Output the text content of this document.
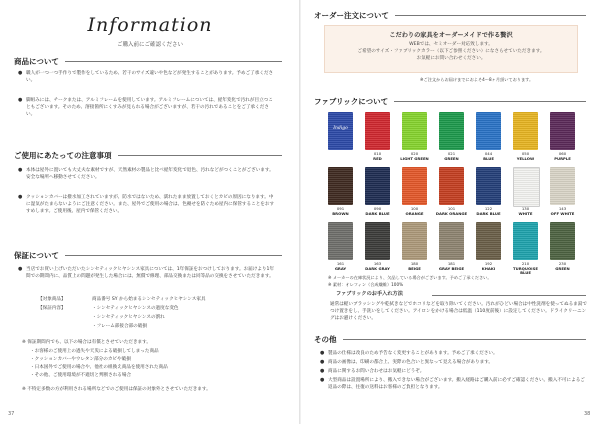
Information
ご購入前にご確認ください
商品について
● 職人が一つ一つ手作りで製作をしているため、若干のサイズ違いや色などが発生することがあります。予めご了承ください。
● 脚組みには、チークまたは、アルミフレームを使用しています。アルミフレームについては、経年変化で汚れが目立つこともございます。そのため、溶接箇所にくすみが見られる場合がございますが、若干の汚れであることをご了承ください。
ご使用にあたっての注意事項
● 本体は屋外に置いても大丈夫な素材ですが、天然素材の製品と比べ経年変化で退色、汚れなどがつくことがございます。安全な場所へ移動させてください。
● クッションカバーは撥水加工されていますが、防水ではないため、濡れたまま放置しておくとカビの原因になります。中に湿気がたまらないようにご注意ください。また、屋外でご使用の場合は、色褪せを防ぐため屋内に保管することをおすすめします。ご使用後、屋内で保管ください。
保証について
● 当店でお買い上げいただいたシンセティックヒヤシンス家具については、1年保証をおつけしております。お届けより1年間での期間内に、品質上の問題が発生した場合には、無償で修理、部品交換または同等品の交換をさせていただきます。
【対象商品】	商品番号 SY から始まるシンセティックヒヤシンス家具
【保証内容】	・シンセティックヒヤシンスの過度な変色
・シンセティックヒヤシンスの割れ
・フレーム部接合部の破損
※ 保証期間内でも、以下の場合は有償とさせていただきます。
・お客様のご使用上の過失や天災による破損してしまった商品
・クッションカバーやウレタン部分のカビや破損
・日本国外でご使用の場合や、他社の組換え商品を使用された商品
・その他、ご使用環境が不適切と判断される場合
※ 不特定多数の方が利用される場所などでのご使用は保証の対象外とさせていただきます。
37
オーダー注文について
こだわりの家具をオーダーメイドで作る贅沢
WEBでは、セミオーダー対応致します。
ご希望のサイズ・ファブリックカラー（以下ご参照ください）になさらせていただきます。
お気軽にお問い合わせください。
※ご注文からお届けまでにおよそ4〜8ヶ月頂いております。
ファブリックについて
※ メーカーの在庫状況により、欠品している場合がございます。予めご了承ください。
※ 素材：オレフィン（合成繊維）100%
ファブリックのお手入れ方法
通常は軽いブラッシングや乾拭きなどでホコリなどを取り除いてください。汚れがひどい場合は中性洗剤を使ってぬるま湯でつけ置きをし、手洗いをしてください。アイロンをかける場合は低温（110度前後）に設定してください。ドライクリーニングはお避けください。
その他
● 製品の仕様は改良のため予告なく変更することがあります。予めご了承ください。
● 商品の画像は、印刷の都合上、実際の色合いと異なって見える場合があります。
● 商品に関するお問い合わせはお気軽にどうぞ。
● 大型商品は設置場所により、搬入できない場合がございます。搬入経路はご購入前に必ずご確認ください。搬入不可によるご返品の際は、往復の送料はお客様のご負担となります。
38
Indigo
010
RED
020
LIGHT GREEN
021
GREEN
044
BLUE
050
YELLOW
060
PURPLE
091
BROWN
090
DARK BLUE
100
ORANGE
101
DARK ORANGE
122
DARK BLUE
130
WHITE
143
OFF WHITE
161
GRAY
163
DARK GRAY
180
BEIGE
181
GRAY BEIGE
192
KHAKI
210
TURQUOISE BLUE
230
GREEN
